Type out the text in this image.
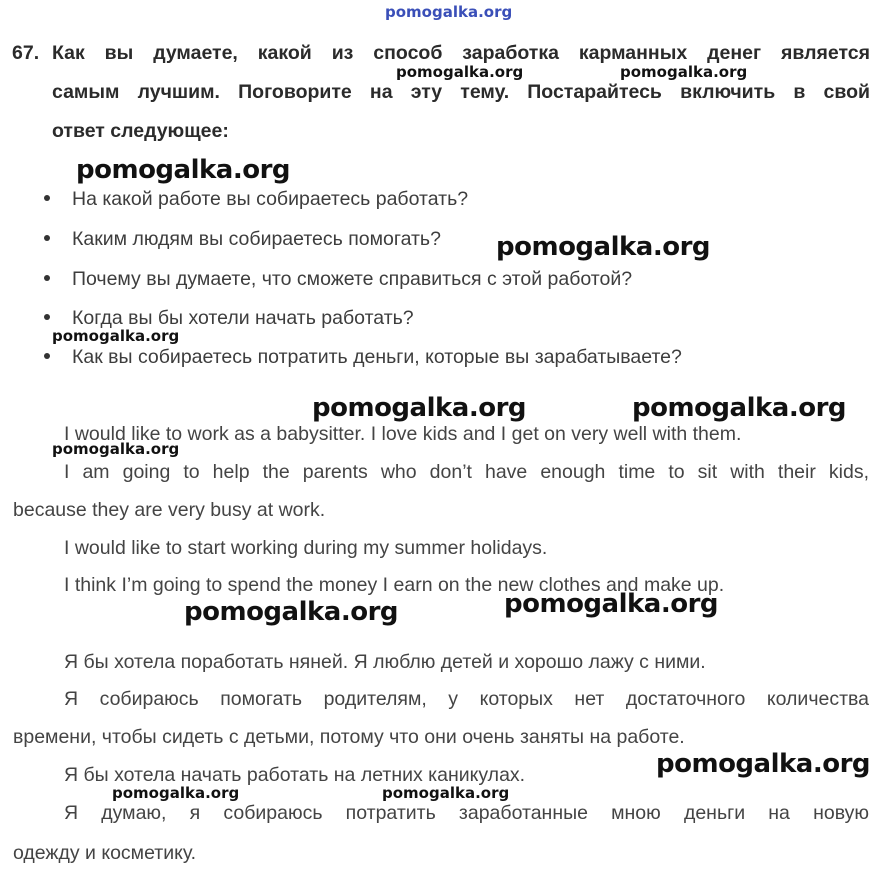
pomogalka.org
67. Как вы думаете, какой из способ заработка карманных денег является
самым лучшим. Поговорите на эту тему. Постарайтесь включить в свой
ответ следующее:
На какой работе вы собираетесь работать?
Каким людям вы собираетесь помогать?
Почему вы думаете, что сможете справиться с этой работой?
Когда вы бы хотели начать работать?
Как вы собираетесь потратить деньги, которые вы зарабатываете?
I would like to work as a babysitter. I love kids and I get on very well with them.
I am going to help the parents who don’t have enough time to sit with their kids,
because they are very busy at work.
I would like to start working during my summer holidays.
I think I’m going to spend the money I earn on the new clothes and make up.
Я бы хотела поработать няней. Я люблю детей и хорошо лажу с ними.
Я собираюсь помогать родителям, у которых нет достаточного количества
времени, чтобы сидеть с детьми, потому что они очень заняты на работе.
Я бы хотела начать работать на летних каникулах.
Я думаю, я собираюсь потратить заработанные мною деньги на новую
одежду и косметику.
pomogalka.org	pomogalka.org
pomogalka.org
pomogalka.org
pomogalka.org
pomogalka.org	pomogalka.org
pomogalka.org
pomogalka.org	pomogalka.org
pomogalka.org
pomogalka.org	pomogalka.org
